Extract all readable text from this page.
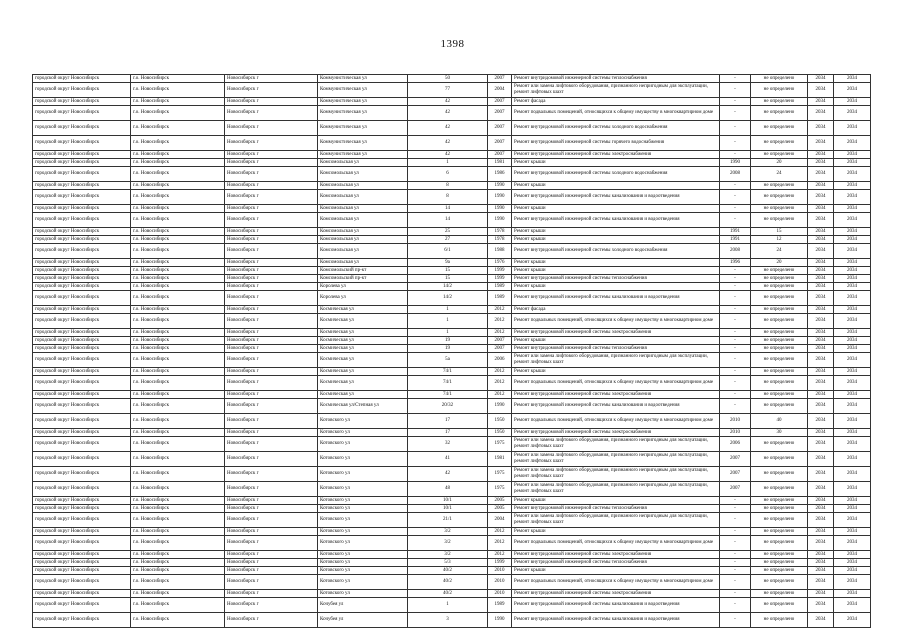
1398
городской округ Новосибирск	г.о. Новосибирск	Новосибирск г	Коммунистическая ул	50	2007	Ремонт внутридомовой инженерной системы теплоснабжения	-	не определено	2034	2034
городской округ Новосибирск	г.о. Новосибирск	Новосибирск г	Коммунистическая ул	77	2004	Ремонт или замена лифтового оборудования, признанного непригодным для эксплуатации, ремонт лифтовых шахт	-	не определено	2034	2034
городской округ Новосибирск	г.о. Новосибирск	Новосибирск г	Коммунистическая ул	42	2007	Ремонт фасада	-	не определено	2034	2034
городской округ Новосибирск	г.о. Новосибирск	Новосибирск г	Коммунистическая ул	42	2007	Ремонт подвальных помещений, относящихся к общему имуществу в многоквартирном доме	-	не определено	2034	2034
городской округ Новосибирск	г.о. Новосибирск	Новосибирск г	Коммунистическая ул	42	2007	Ремонт внутридомовой инженерной системы холодного водоснабжения	-	не определено	2034	2034
городской округ Новосибирск	г.о. Новосибирск	Новосибирск г	Коммунистическая ул	42	2007	Ремонт внутридомовой инженерной системы горячего водоснабжения	-	не определено	2034	2034
городской округ Новосибирск	г.о. Новосибирск	Новосибирск г	Коммунистическая ул	42	2007	Ремонт внутридомовой инженерной системы электроснабжения	-	не определено	2034	2034
городской округ Новосибирск	г.о. Новосибирск	Новосибирск г	Комсомольская ул	1	1981	Ремонт крыши	1990	20	2034	2034
городской округ Новосибирск	г.о. Новосибирск	Новосибирск г	Комсомольская ул	6	1986	Ремонт внутридомовой инженерной системы холодного водоснабжения	2008	24	2034	2034
городской округ Новосибирск	г.о. Новосибирск	Новосибирск г	Комсомольская ул	8	1990	Ремонт крыши	-	не определено	2034	2034
городской округ Новосибирск	г.о. Новосибирск	Новосибирск г	Комсомольская ул	8	1990	Ремонт внутридомовой инженерной системы канализования и водоотведения	-	не определено	2034	2034
городской округ Новосибирск	г.о. Новосибирск	Новосибирск г	Комсомольская ул	14	1990	Ремонт крыши	-	не определено	2034	2034
городской округ Новосибирск	г.о. Новосибирск	Новосибирск г	Комсомольская ул	14	1990	Ремонт внутридомовой инженерной системы канализования и водоотведения	-	не определено	2034	2034
городской округ Новосибирск	г.о. Новосибирск	Новосибирск г	Комсомольская ул	25	1978	Ремонт крыши	1991	15	2034	2034
городской округ Новосибирск	г.о. Новосибирск	Новосибирск г	Комсомольская ул	27	1978	Ремонт крыши	1991	12	2034	2034
городской округ Новосибирск	г.о. Новосибирск	Новосибирск г	Комсомольская ул	6/1	1988	Ремонт внутридомовой инженерной системы холодного водоснабжения	2008	24	2034	2034
городской округ Новосибирск	г.о. Новосибирск	Новосибирск г	Комсомольская ул	9а	1976	Ремонт крыши	1996	20	2034	2034
городской округ Новосибирск	г.о. Новосибирск	Новосибирск г	Комсомольский пр-кт	15	1999	Ремонт крыши	-	не определено	2034	2034
городской округ Новосибирск	г.о. Новосибирск	Новосибирск г	Комсомольский пр-кт	15	1999	Ремонт внутридомовой инженерной системы теплоснабжения	-	не определено	2034	2034
городской округ Новосибирск	г.о. Новосибирск	Новосибирск г	Королева ул	14/2	1989	Ремонт крыши	-	не определено	2034	2034
городской округ Новосибирск	г.о. Новосибирск	Новосибирск г	Королева ул	14/2	1989	Ремонт внутридомовой инженерной системы канализования и водоотведения	-	не определено	2034	2034
городской округ Новосибирск	г.о. Новосибирск	Новосибирск г	Космическая ул	1	2012	Ремонт фасада	-	не определено	2034	2034
городской округ Новосибирск	г.о. Новосибирск	Новосибирск г	Космическая ул	1	2012	Ремонт подвальных помещений, относящихся к общему имуществу в многоквартирном доме	-	не определено	2034	2034
городской округ Новосибирск	г.о. Новосибирск	Новосибирск г	Космическая ул	1	2012	Ремонт внутридомовой инженерной системы электроснабжения	-	не определено	2034	2034
городской округ Новосибирск	г.о. Новосибирск	Новосибирск г	Космическая ул	19	2007	Ремонт крыши	-	не определено	2034	2034
городской округ Новосибирск	г.о. Новосибирск	Новосибирск г	Космическая ул	19	2007	Ремонт внутридомовой инженерной системы теплоснабжения	-	не определено	2034	2034
городской округ Новосибирск	г.о. Новосибирск	Новосибирск г	Космическая ул	5а	2006	Ремонт или замена лифтового оборудования, признанного непригодным для эксплуатации, ремонт лифтовых шахт	-	не определено	2034	2034
городской округ Новосибирск	г.о. Новосибирск	Новосибирск г	Космическая ул	74/1	2012	Ремонт крыши	-	не определено	2034	2034
городской округ Новосибирск	г.о. Новосибирск	Новосибирск г	Космическая ул	74/1	2012	Ремонт подвальных помещений, относящихся к общему имуществу в многоквартирном доме	-	не определено	2034	2034
городской округ Новосибирск	г.о. Новосибирск	Новосибирск г	Космическая ул	74/1	2012	Ремонт внутридомовой инженерной системы электроснабжения	-	не определено	2034	2034
городской округ Новосибирск	г.о. Новосибирск	Новосибирск г	Космическая ул/Степная ул	20/32	1990	Ремонт внутридомовой инженерной системы канализования и водоотведения	-	не определено	2034	2034
городской округ Новосибирск	г.о. Новосибирск	Новосибирск г	Котовского ул	17	1950	Ремонт подвальных помещений, относящихся к общему имуществу в многоквартирном доме	2010	40	2034	2034
городской округ Новосибирск	г.о. Новосибирск	Новосибирск г	Котовского ул	17	1950	Ремонт внутридомовой инженерной системы электроснабжения	2010	30	2034	2034
городской округ Новосибирск	г.о. Новосибирск	Новосибирск г	Котовского ул	32	1975	Ремонт или замена лифтового оборудования, признанного непригодным для эксплуатации, ремонт лифтовых шахт	2006	не определено	2034	2034
городской округ Новосибирск	г.о. Новосибирск	Новосибирск г	Котовского ул	41	1981	Ремонт или замена лифтового оборудования, признанного непригодным для эксплуатации, ремонт лифтовых шахт	2007	не определено	2034	2034
городской округ Новосибирск	г.о. Новосибирск	Новосибирск г	Котовского ул	42	1975	Ремонт или замена лифтового оборудования, признанного непригодным для эксплуатации, ремонт лифтовых шахт	2007	не определено	2034	2034
городской округ Новосибирск	г.о. Новосибирск	Новосибирск г	Котовского ул	48	1975	Ремонт или замена лифтового оборудования, признанного непригодным для эксплуатации, ремонт лифтовых шахт	2007	не определено	2034	2034
городской округ Новосибирск	г.о. Новосибирск	Новосибирск г	Котовского ул	10/1	2005	Ремонт крыши	-	не определено	2034	2034
городской округ Новосибирск	г.о. Новосибирск	Новосибирск г	Котовского ул	10/1	2005	Ремонт внутридомовой инженерной системы теплоснабжения	-	не определено	2034	2034
городской округ Новосибирск	г.о. Новосибирск	Новосибирск г	Котовского ул	21/1	2004	Ремонт или замена лифтового оборудования, признанного непригодным для эксплуатации, ремонт лифтовых шахт	-	не определено	2034	2034
городской округ Новосибирск	г.о. Новосибирск	Новосибирск г	Котовского ул	3/2	2012	Ремонт крыши	-	не определено	2034	2034
городской округ Новосибирск	г.о. Новосибирск	Новосибирск г	Котовского ул	3/2	2012	Ремонт подвальных помещений, относящихся к общему имуществу в многоквартирном доме	-	не определено	2034	2034
городской округ Новосибирск	г.о. Новосибирск	Новосибирск г	Котовского ул	3/2	2012	Ремонт внутридомовой инженерной системы электроснабжения	-	не определено	2034	2034
городской округ Новосибирск	г.о. Новосибирск	Новосибирск г	Котовского ул	5/3	1999	Ремонт внутридомовой инженерной системы теплоснабжения	-	не определено	2034	2034
городской округ Новосибирск	г.о. Новосибирск	Новосибирск г	Котовского ул	40/2	2010	Ремонт крыши	-	не определено	2034	2034
городской округ Новосибирск	г.о. Новосибирск	Новосибирск г	Котовского ул	40/2	2010	Ремонт подвальных помещений, относящихся к общему имуществу в многоквартирном доме	-	не определено	2034	2034
городской округ Новосибирск	г.о. Новосибирск	Новосибирск г	Котовского ул	40/2	2010	Ремонт внутридомовой инженерной системы электроснабжения	-	не определено	2034	2034
городской округ Новосибирск	г.о. Новосибирск	Новосибирск г	Кочубея ул	1	1989	Ремонт внутридомовой инженерной системы канализования и водоотведения	-	не определено	2034	2034
городской округ Новосибирск	г.о. Новосибирск	Новосибирск г	Кочубея ул	3	1990	Ремонт внутридомовой инженерной системы канализования и водоотведения	-	не определено	2034	2034
